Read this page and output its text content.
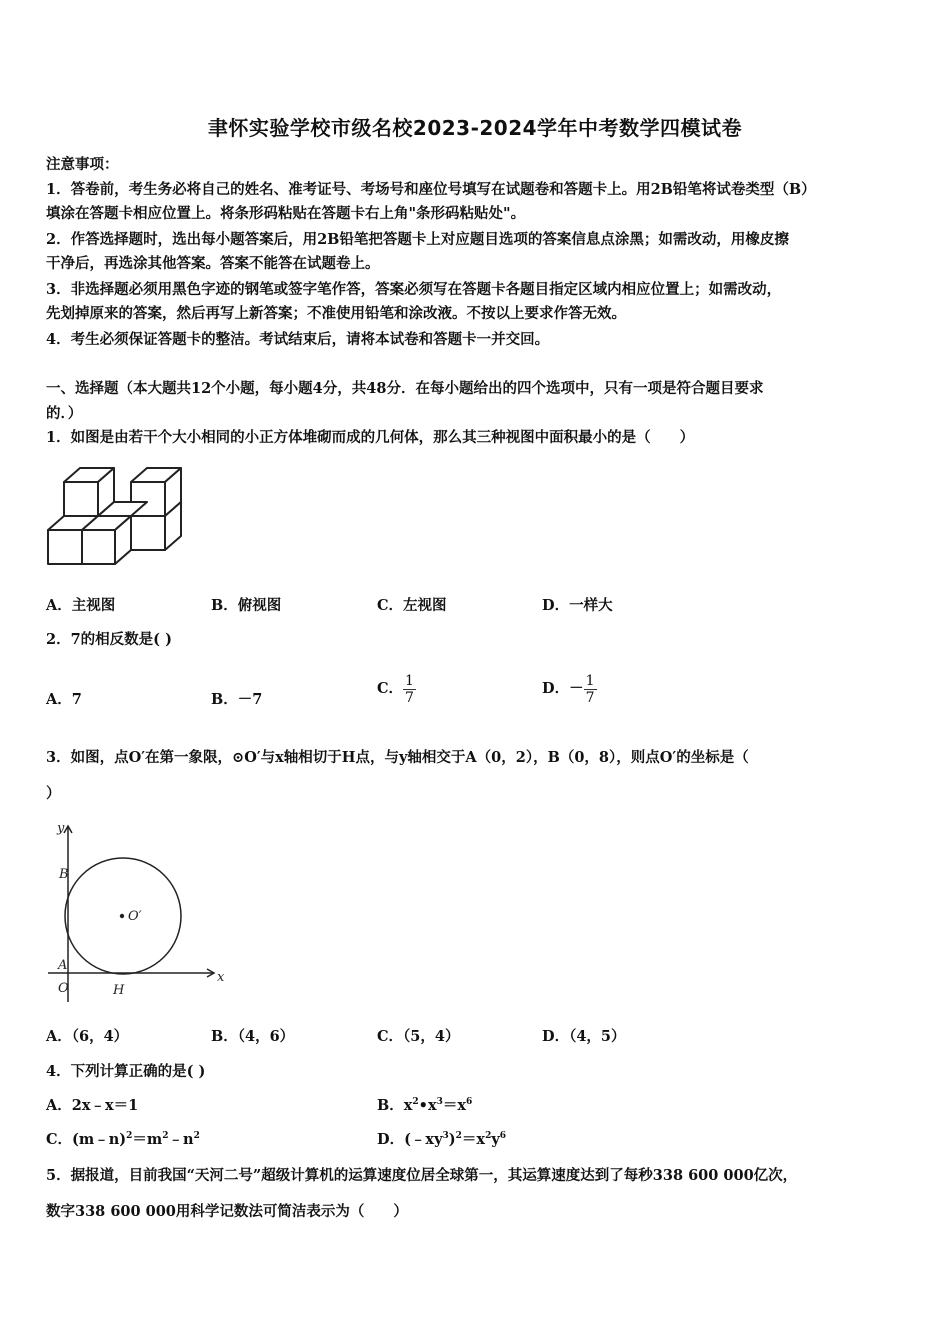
聿怀实验学校市级名校2023-2024学年中考数学四模试卷
注意事项：
1．答卷前，考生务必将自己的姓名、准考证号、考场号和座位号填写在试题卷和答题卡上。用2B铅笔将试卷类型（B）
填涂在答题卡相应位置上。将条形码粘贴在答题卡右上角"条形码粘贴处"。
2．作答选择题时，选出每小题答案后，用2B铅笔把答题卡上对应题目选项的答案信息点涂黑；如需改动，用橡皮擦
干净后，再选涂其他答案。答案不能答在试题卷上。
3．非选择题必须用黑色字迹的钢笔或签字笔作答，答案必须写在答题卡各题目指定区域内相应位置上；如需改动，
先划掉原来的答案，然后再写上新答案；不准使用铅笔和涂改液。不按以上要求作答无效。
4．考生必须保证答题卡的整洁。考试结束后，请将本试卷和答题卡一并交回。
一、选择题（本大题共12个小题，每小题4分，共48分．在每小题给出的四个选项中，只有一项是符合题目要求
的．）
1．如图是由若干个大小相同的小正方体堆砌而成的几何体，那么其三种视图中面积最小的是（　　）
A．主视图	B．俯视图	C．左视图	D．一样大
2．7的相反数是( )
A．7	B．－7
C． $\frac{1}{7}$	D．－ $\frac{1}{7}$
3．如图，点O′在第一象限，⊙O′与x轴相切于H点，与y轴相交于A（0，2），B（0，8），则点O′的坐标是（
）
y
x
B
A
O	H
O′
A．（6，4）	B．（4，6）	C．（5，4）	D．（4，5）
4．下列计算正确的是( )
A．2x﹣x＝1	B．$x^2•x^3=x^6$
C．$(m﹣n)^2=m^2﹣n^2$	D．$(﹣xy^3)^2=x^2y^6$
5．据报道，目前我国“天河二号”超级计算机的运算速度位居全球第一，其运算速度达到了每秒338 600 000亿次，
数字338 600 000用科学记数法可简洁表示为（　　）
